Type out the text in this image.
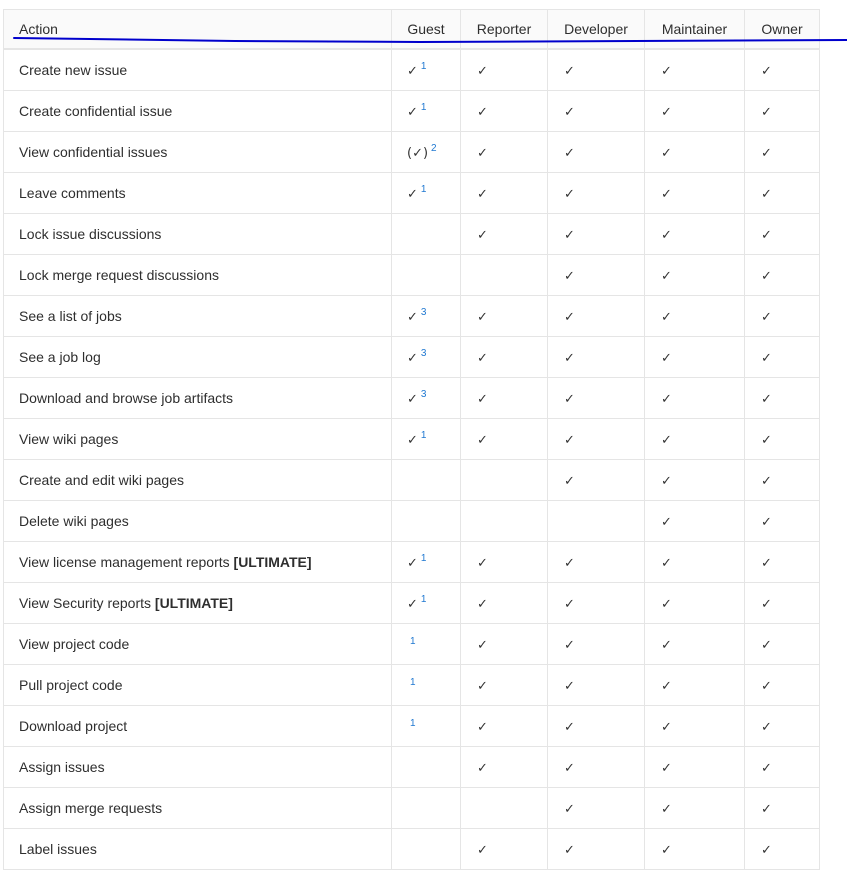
Action	Guest	Reporter	Developer	Maintainer	Owner
Create new issue	✓ $^1$	✓	✓	✓	✓
Create confidential issue	✓ $^1$	✓	✓	✓	✓
View confidential issues	(✓) $^2$	✓	✓	✓	✓
Leave comments	✓ $^1$	✓	✓	✓	✓
Lock issue discussions		✓	✓	✓	✓
Lock merge request discussions			✓	✓	✓
See a list of jobs	✓ $^3$	✓	✓	✓	✓
See a job log	✓ $^3$	✓	✓	✓	✓
Download and browse job artifacts	✓ $^3$	✓	✓	✓	✓
View wiki pages	✓ $^1$	✓	✓	✓	✓
Create and edit wiki pages			✓	✓	✓
Delete wiki pages				✓	✓
View license management reports [ULTIMATE]	✓ $^1$	✓	✓	✓	✓
View Security reports [ULTIMATE]	✓ $^1$	✓	✓	✓	✓
View project code	$^1$	✓	✓	✓	✓
Pull project code	$^1$	✓	✓	✓	✓
Download project	$^1$	✓	✓	✓	✓
Assign issues		✓	✓	✓	✓
Assign merge requests			✓	✓	✓
Label issues		✓	✓	✓	✓
